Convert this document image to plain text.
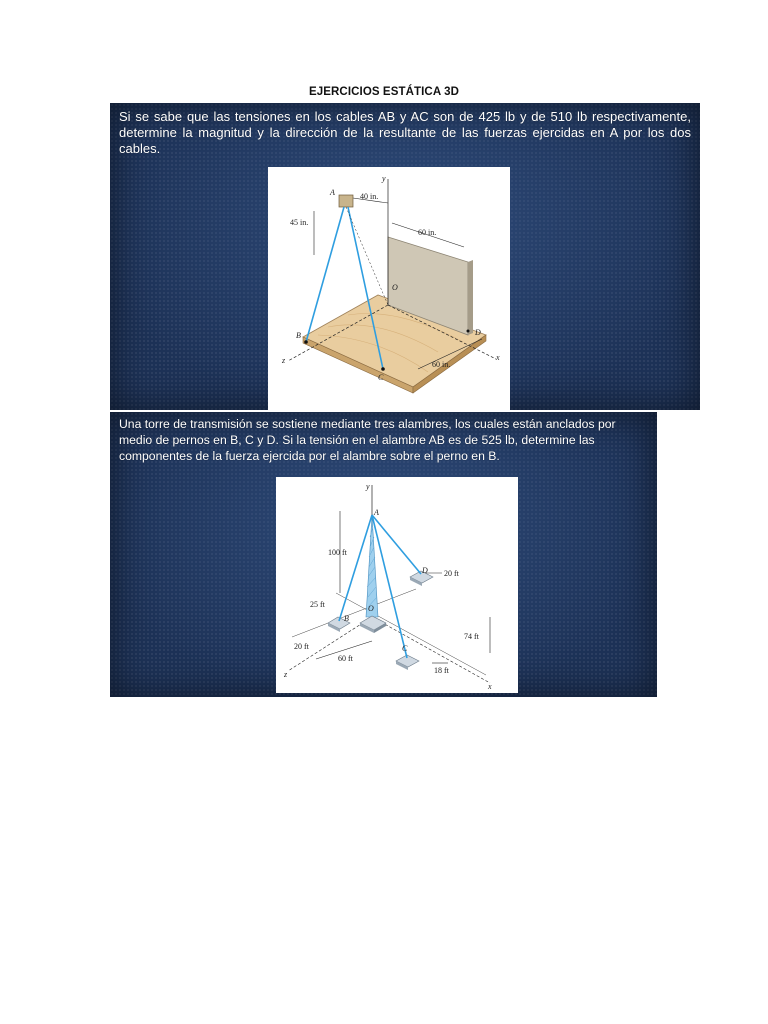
EJERCICIOS ESTÁTICA 3D
Si se sabe que las tensiones en los cables AB y AC son de 425 lb y de 510 lb respectivamente, determine la magnitud y la dirección de la resultante de las fuerzas ejercidas en A por los dos cables.
A
B
C
D
O
y
x
z
40 in.
45 in.
60 in.
60 in.
Una torre de transmisión se sostiene mediante tres alambres, los cuales están anclados por medio de pernos en B, C y D. Si la tensión en el alambre AB es de 525 lb, determine las componentes de la fuerza ejercida por el alambre sobre el perno en B.
A
B
C
D
O
y
x
z
100 ft
20 ft
25 ft
20 ft
60 ft
74 ft
18 ft
